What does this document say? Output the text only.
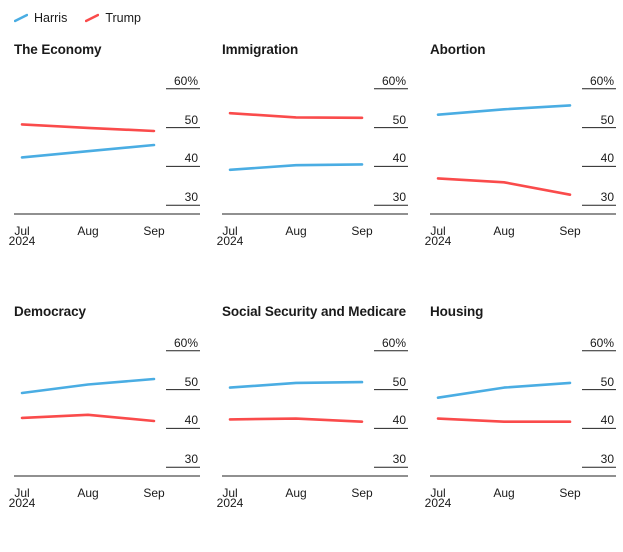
Harris	Trump
The Economy
60%
50
40
30
Jul	Aug	Sep
2024
Immigration
60%
50
40
30
Jul	Aug	Sep
2024
Abortion
60%
50
40
30
Jul	Aug	Sep
2024
Democracy
60%
50
40
30
Jul	Aug	Sep
2024
Social Security and Medicare
60%
50
40
30
Jul	Aug	Sep
2024
Housing
60%
50
40
30
Jul	Aug	Sep
2024
